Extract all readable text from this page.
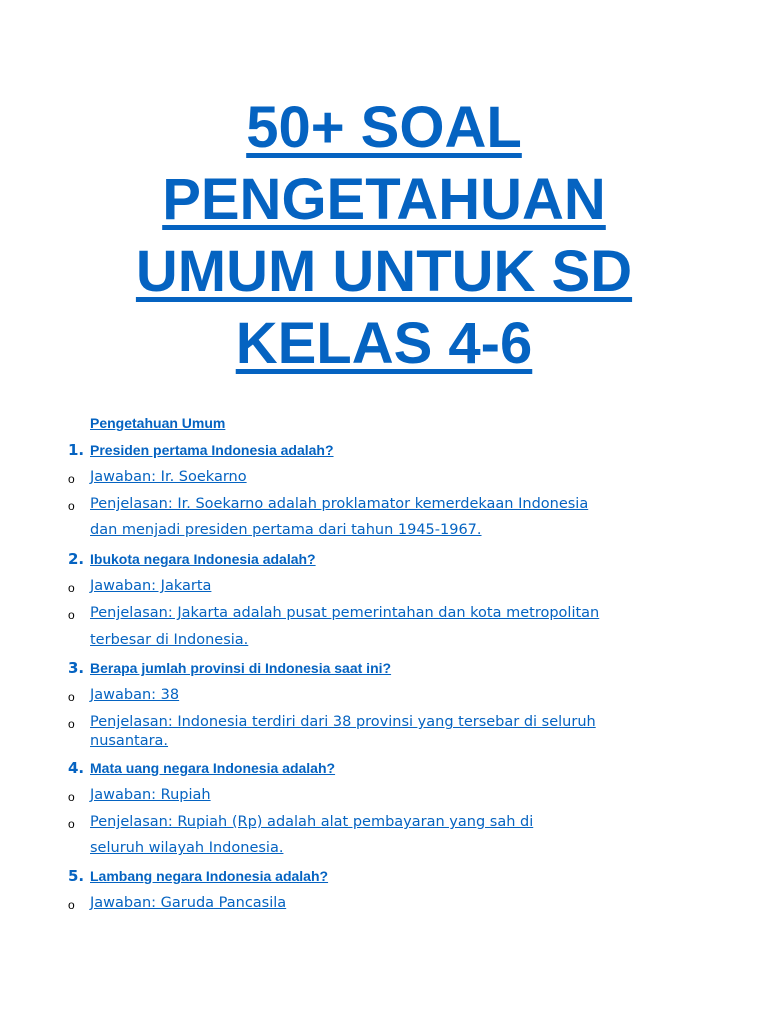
50+ SOAL
PENGETAHUAN
UMUM UNTUK SD
KELAS 4-6
Pengetahuan Umum
1. Presiden pertama Indonesia adalah?
o Jawaban: Ir. Soekarno
o Penjelasan: Ir. Soekarno adalah proklamator kemerdekaan Indonesia
dan menjadi presiden pertama dari tahun 1945-1967.
2. Ibukota negara Indonesia adalah?
o Jawaban: Jakarta
o Penjelasan: Jakarta adalah pusat pemerintahan dan kota metropolitan
terbesar di Indonesia.
3. Berapa jumlah provinsi di Indonesia saat ini?
o Jawaban: 38
o Penjelasan: Indonesia terdiri dari 38 provinsi yang tersebar di seluruh
nusantara.
4. Mata uang negara Indonesia adalah?
o Jawaban: Rupiah
o Penjelasan: Rupiah (Rp) adalah alat pembayaran yang sah di
seluruh wilayah Indonesia.
5. Lambang negara Indonesia adalah?
o Jawaban: Garuda Pancasila
